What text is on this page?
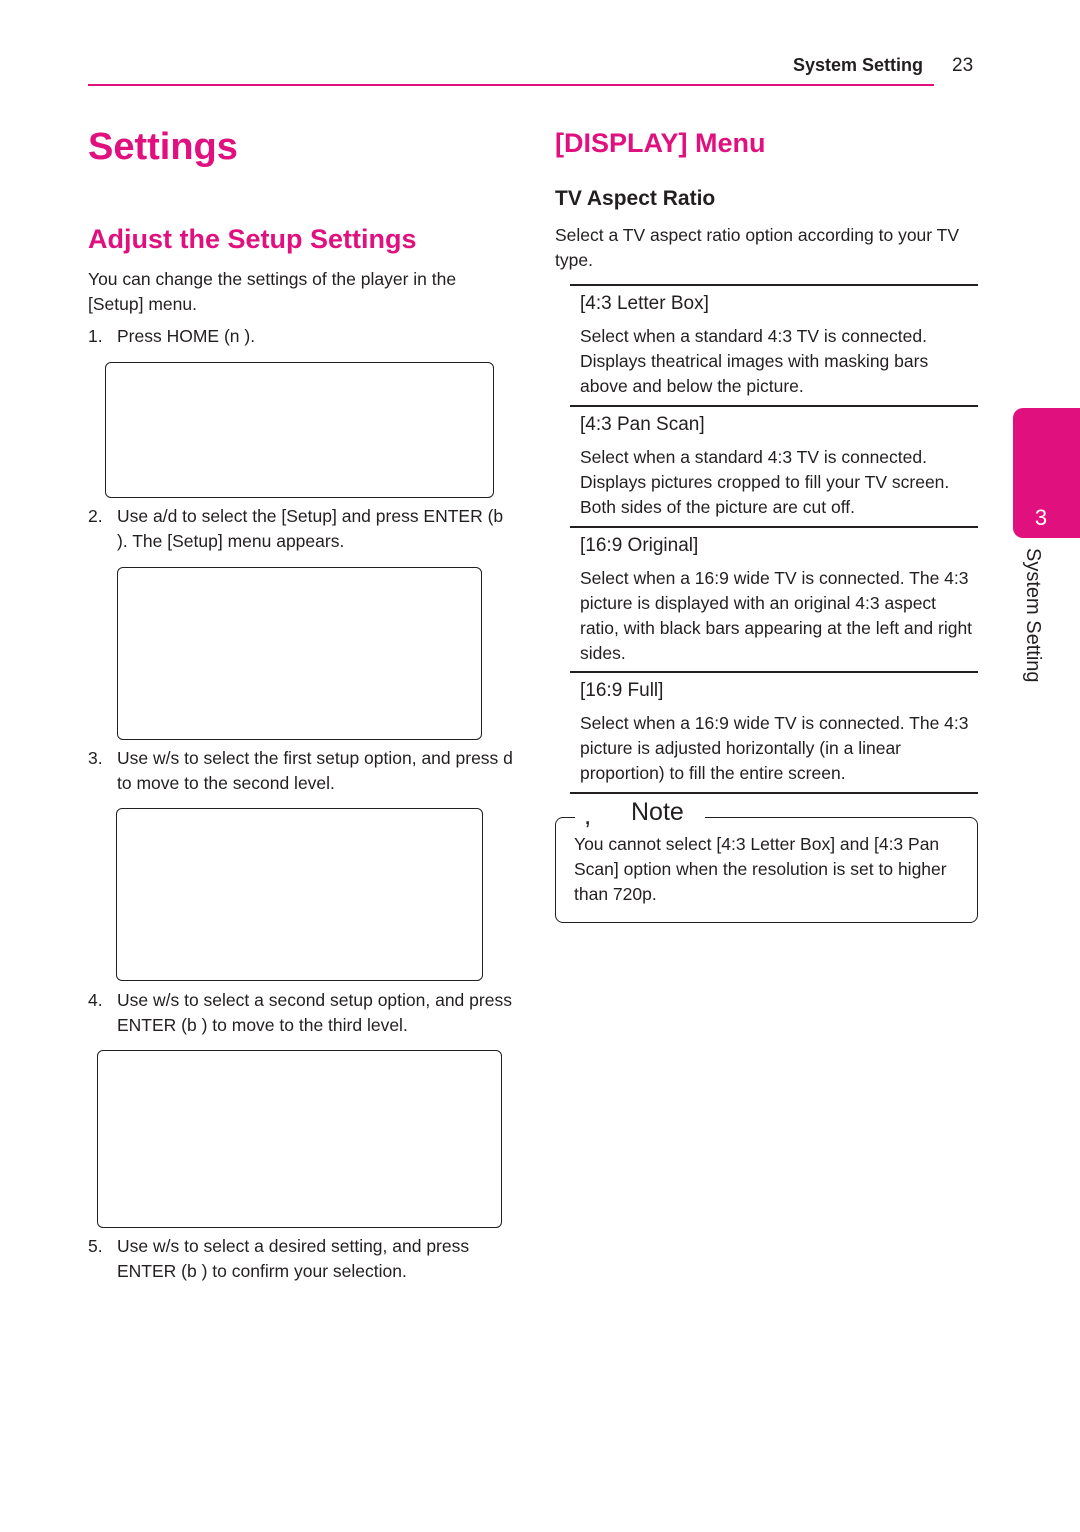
System Setting 23
Settings
Adjust the Setup Settings
You can change the settings of the player in the [Setup] menu.
1. Press HOME (n ).
2. Use a/d to select the [Setup] and press ENTER (b ). The [Setup] menu appears.
3. Use w/s to select the first setup option, and press d to move to the second level.
4. Use w/s to select a second setup option, and press ENTER (b ) to move to the third level.
5. Use w/s to select a desired setting, and press ENTER (b ) to confirm your selection.
[DISPLAY] Menu
TV Aspect Ratio
Select a TV aspect ratio option according to your TV type.
[4:3 Letter Box]
Select when a standard 4:3 TV is connected. Displays theatrical images with masking bars above and below the picture.
[4:3 Pan Scan]
Select when a standard 4:3 TV is connected. Displays pictures cropped to fill your TV screen. Both sides of the picture are cut off.
[16:9 Original]
Select when a 16:9 wide TV is connected. The 4:3 picture is displayed with an original 4:3 aspect ratio, with black bars appearing at the left and right sides.
[16:9 Full]
Select when a 16:9 wide TV is connected. The 4:3 picture is adjusted horizontally (in a linear proportion) to fill the entire screen.
, Note
You cannot select [4:3 Letter Box] and [4:3 Pan Scan] option when the resolution is set to higher than 720p.
3
System Setting
